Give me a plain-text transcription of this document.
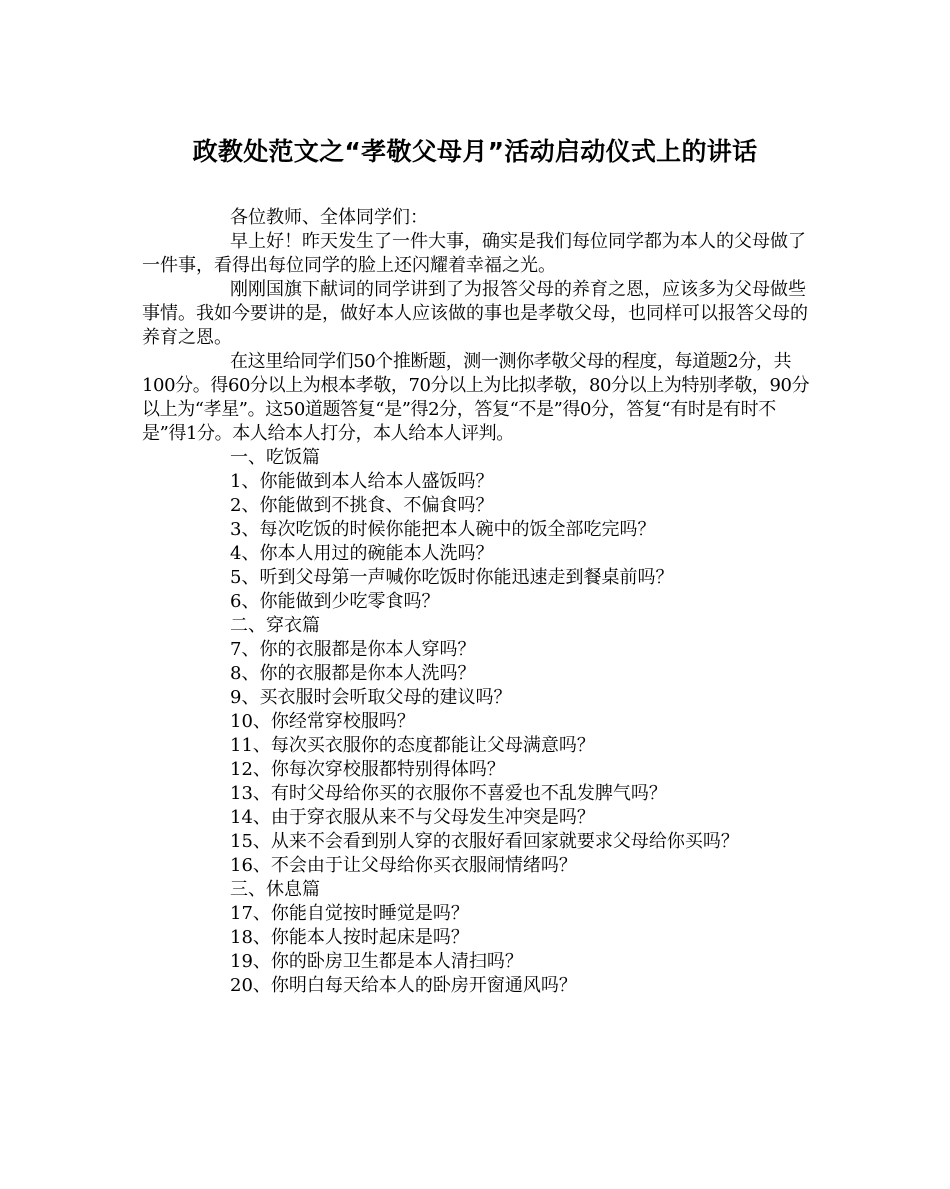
政教处范文之“孝敬父母月”活动启动仪式上的讲话

各位教师、全体同学们：

早上好！昨天发生了一件大事，确实是我们每位同学都为本人的父母做了一件事，看得出每位同学的脸上还闪耀着幸福之光。

刚刚国旗下献词的同学讲到了为报答父母的养育之恩，应该多为父母做些事情。我如今要讲的是，做好本人应该做的事也是孝敬父母，也同样可以报答父母的养育之恩。

在这里给同学们50个推断题，测一测你孝敬父母的程度，每道题2分，共100分。得60分以上为根本孝敬，70分以上为比拟孝敬，80分以上为特别孝敬，90分以上为“孝星”。这50道题答复“是”得2分，答复“不是”得0分，答复“有时是有时不是”得1分。本人给本人打分，本人给本人评判。

一、吃饭篇

1、你能做到本人给本人盛饭吗？

2、你能做到不挑食、不偏食吗？

3、每次吃饭的时候你能把本人碗中的饭全部吃完吗？

4、你本人用过的碗能本人洗吗？

5、听到父母第一声喊你吃饭时你能迅速走到餐桌前吗？

6、你能做到少吃零食吗？

二、穿衣篇

7、你的衣服都是你本人穿吗？

8、你的衣服都是你本人洗吗？

9、买衣服时会听取父母的建议吗？

10、你经常穿校服吗？

11、每次买衣服你的态度都能让父母满意吗？

12、你每次穿校服都特别得体吗？

13、有时父母给你买的衣服你不喜爱也不乱发脾气吗？

14、由于穿衣服从来不与父母发生冲突是吗？

15、从来不会看到别人穿的衣服好看回家就要求父母给你买吗？

16、不会由于让父母给你买衣服闹情绪吗？

三、休息篇

17、你能自觉按时睡觉是吗？

18、你能本人按时起床是吗？

19、你的卧房卫生都是本人清扫吗？

20、你明白每天给本人的卧房开窗通风吗？
